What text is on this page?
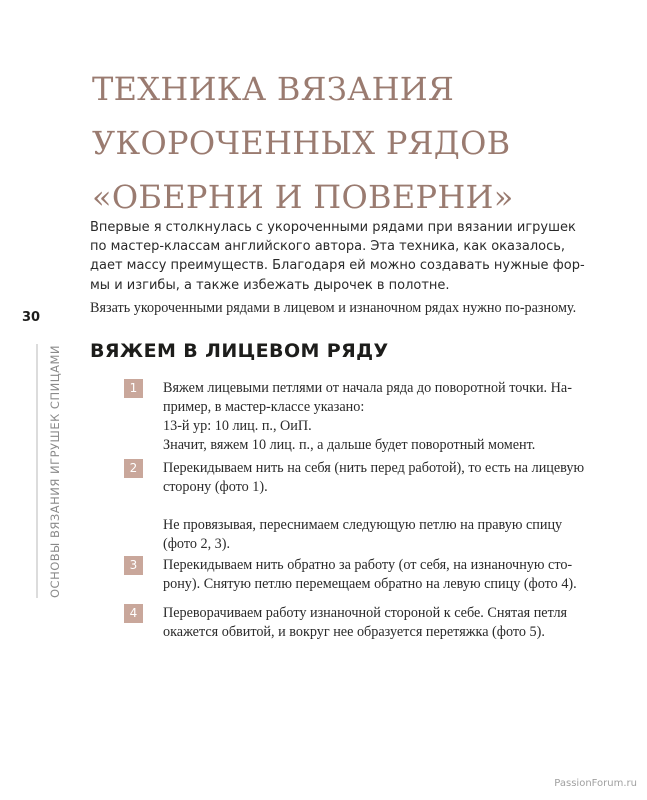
ТЕХНИКА ВЯЗАНИЯ
УКОРОЧЕННЫХ РЯДОВ
«ОБЕРНИ И ПОВЕРНИ»
Впервые я столкнулась с укороченными рядами при вязании игрушек
по мастер-классам английского автора. Эта техника, как оказалось,
дает массу преимуществ. Благодаря ей можно создавать нужные фор-
мы и изгибы, а также избежать дырочек в полотне.
Вязать укороченными рядами в лицевом и изнаночном рядах нужно по-разному.
30
ОСНОВЫ ВЯЗАНИЯ ИГРУШЕК СПИЦАМИ ВЯЖЕМ В ЛИЦЕВОМ РЯДУ
1	Вяжем лицевыми петлями от начала ряда до поворотной точки. На-
пример, в мастер-классе указано:
13-й ур: 10 лиц. п., ОиП.
Значит, вяжем 10 лиц. п., а дальше будет поворотный момент.
2	Перекидываем нить на себя (нить перед работой), то есть на лицевую
сторону (фото 1).
Не провязывая, переснимаем следующую петлю на правую спицу
(фото 2, 3).
3	Перекидываем нить обратно за работу (от себя, на изнаночную сто-
рону). Снятую петлю перемещаем обратно на левую спицу (фото 4).
4	Переворачиваем работу изнаночной стороной к себе. Снятая петля
окажется обвитой, и вокруг нее образуется перетяжка (фото 5).
PassionForum.ru
